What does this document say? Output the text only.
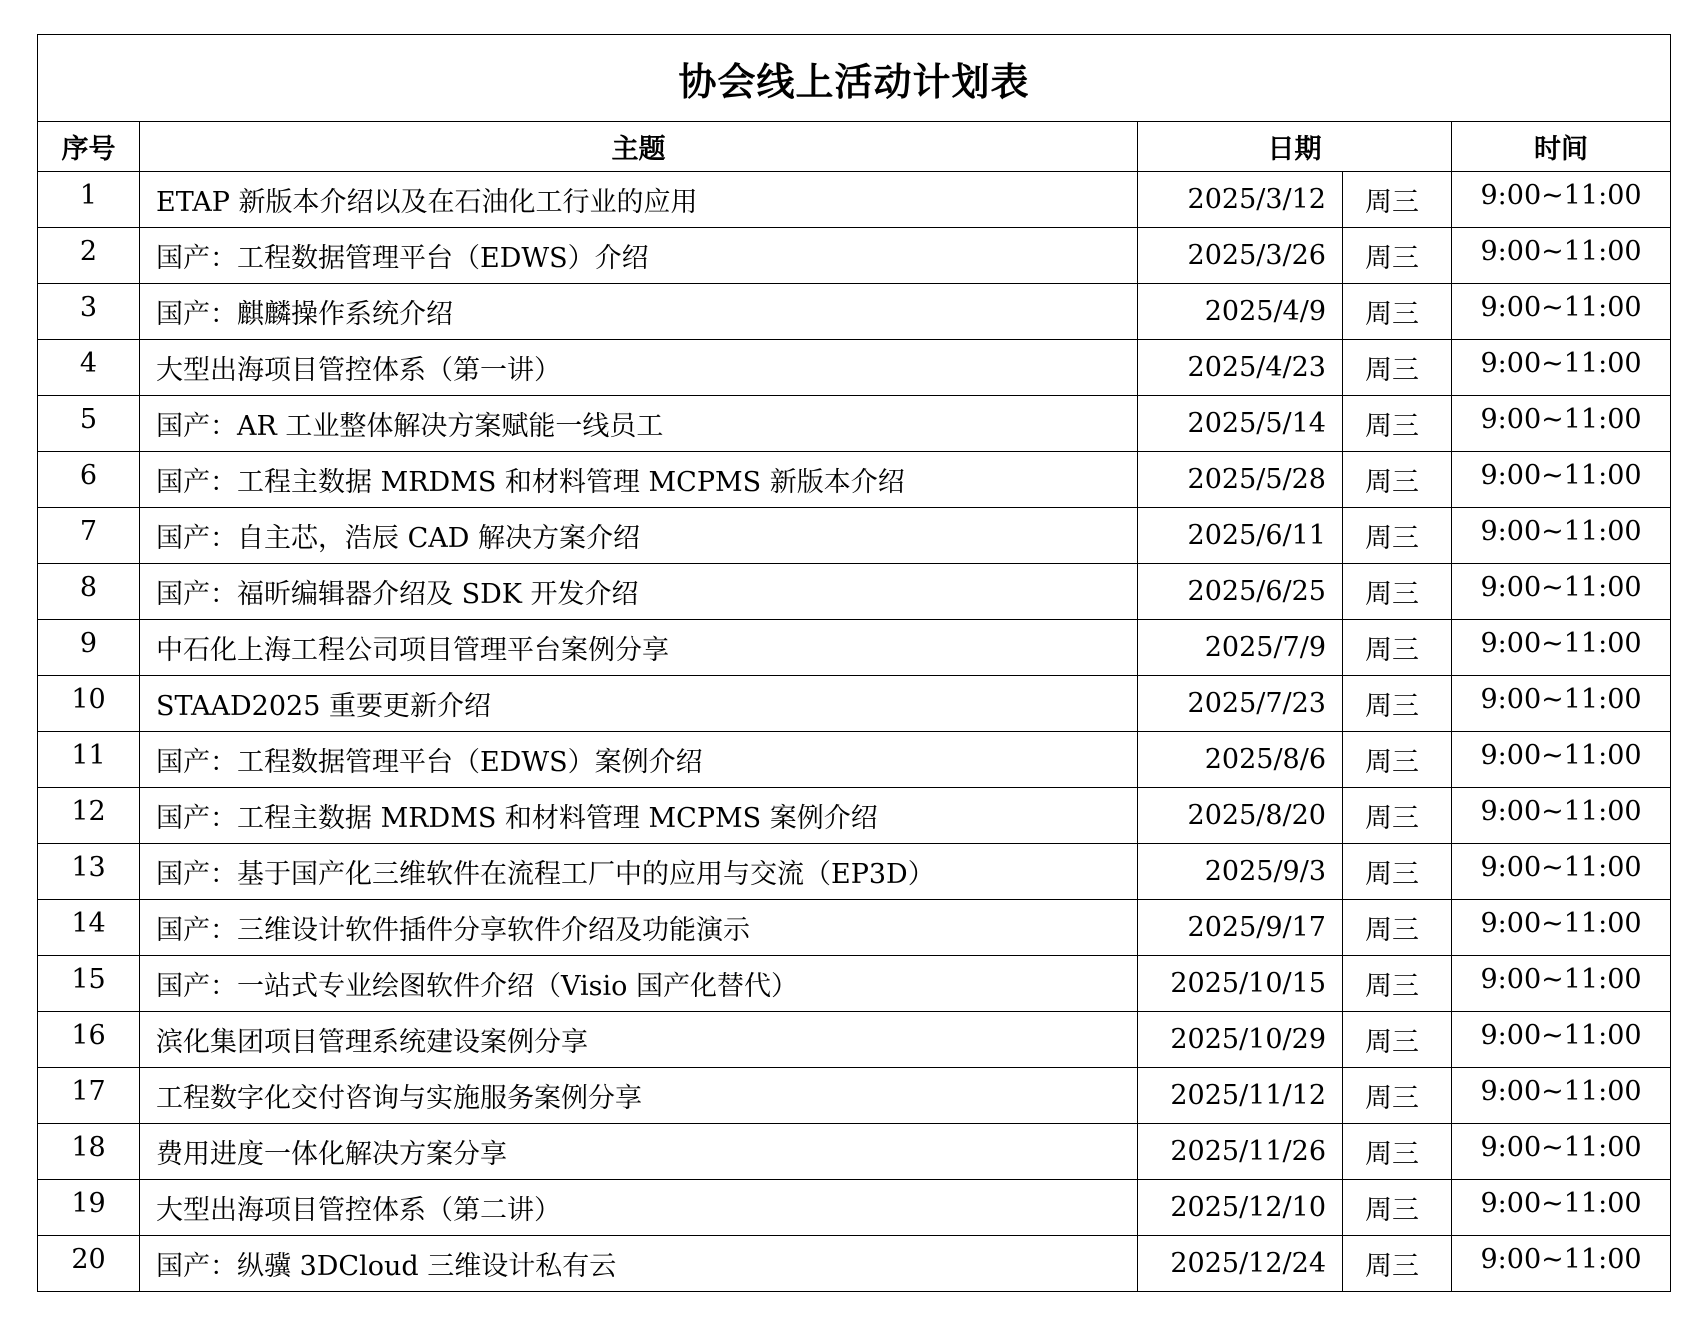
协会线上活动计划表				
序号	主题	日期		时间
1	ETAP 新版本介绍以及在石油化工行业的应用	2025/3/12	周三	9:00~11:00
2	国产：工程数据管理平台（EDWS）介绍	2025/3/26	周三	9:00~11:00
3	国产：麒麟操作系统介绍	2025/4/9	周三	9:00~11:00
4	大型出海项目管控体系（第一讲）	2025/4/23	周三	9:00~11:00
5	国产：AR 工业整体解决方案赋能一线员工	2025/5/14	周三	9:00~11:00
6	国产：工程主数据 MRDMS 和材料管理 MCPMS 新版本介绍	2025/5/28	周三	9:00~11:00
7	国产：自主芯，浩辰 CAD 解决方案介绍	2025/6/11	周三	9:00~11:00
8	国产：福昕编辑器介绍及 SDK 开发介绍	2025/6/25	周三	9:00~11:00
9	中石化上海工程公司项目管理平台案例分享	2025/7/9	周三	9:00~11:00
10	STAAD2025 重要更新介绍	2025/7/23	周三	9:00~11:00
11	国产：工程数据管理平台（EDWS）案例介绍	2025/8/6	周三	9:00~11:00
12	国产：工程主数据 MRDMS 和材料管理 MCPMS 案例介绍	2025/8/20	周三	9:00~11:00
13	国产：基于国产化三维软件在流程工厂中的应用与交流（EP3D）	2025/9/3	周三	9:00~11:00
14	国产：三维设计软件插件分享软件介绍及功能演示	2025/9/17	周三	9:00~11:00
15	国产：一站式专业绘图软件介绍（Visio 国产化替代）	2025/10/15	周三	9:00~11:00
16	滨化集团项目管理系统建设案例分享	2025/10/29	周三	9:00~11:00
17	工程数字化交付咨询与实施服务案例分享	2025/11/12	周三	9:00~11:00
18	费用进度一体化解决方案分享	2025/11/26	周三	9:00~11:00
19	大型出海项目管控体系（第二讲）	2025/12/10	周三	9:00~11:00
20	国产：纵骥 3DCloud 三维设计私有云	2025/12/24	周三	9:00~11:00
